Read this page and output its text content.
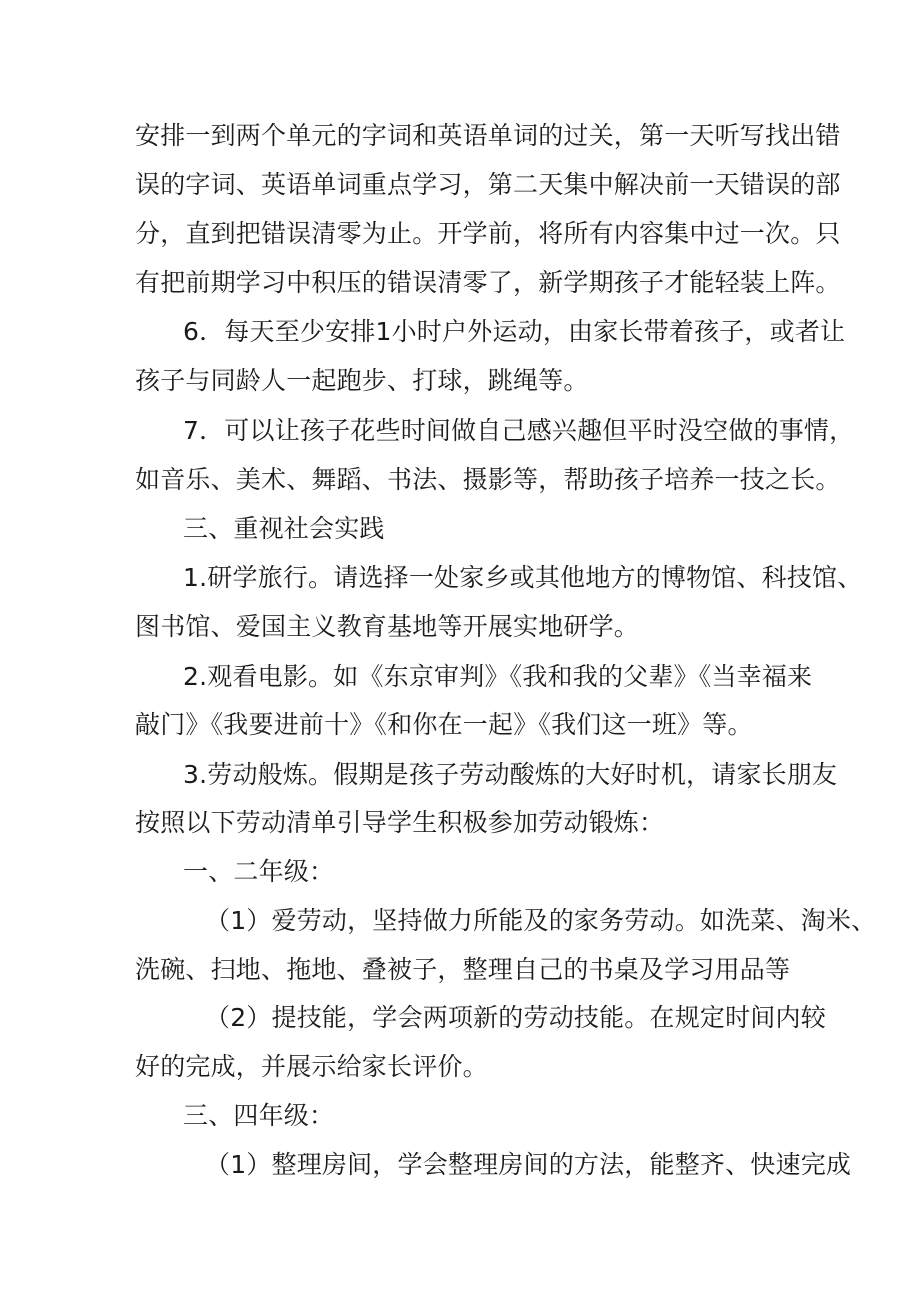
安排一到两个单元的字词和英语单词的过关，第一天听写找出错
误的字词、英语单词重点学习，第二天集中解决前一天错误的部
分，直到把错误清零为止。开学前，将所有内容集中过一次。只
有把前期学习中积压的错误清零了，新学期孩子才能轻装上阵。
6．每天至少安排1小时户外运动，由家长带着孩子，或者让
孩子与同龄人一起跑步、打球，跳绳等。
7．可以让孩子花些时间做自己感兴趣但平时没空做的事情，
如音乐、美术、舞蹈、书法、摄影等，帮助孩子培养一技之长。
三、重视社会实践
1.研学旅行。请选择一处家乡或其他地方的博物馆、科技馆、
图书馆、爱国主义教育基地等开展实地研学。
2.观看电影。如《东京审判》《我和我的父辈》《当幸福来
敲门》《我要进前十》《和你在一起》《我们这一班》等。
3.劳动般炼。假期是孩子劳动酸炼的大好时机，请家长朋友
按照以下劳动清单引导学生积极参加劳动锻炼：
一、二年级：
（1）爱劳动，坚持做力所能及的家务劳动。如洗菜、淘米、
洗碗、扫地、拖地、叠被子，整理自己的书桌及学习用品等
（2）提技能，学会两项新的劳动技能。在规定时间内较
好的完成，并展示给家长评价。
三、四年级：
（1）整理房间，学会整理房间的方法，能整齐、快速完成
